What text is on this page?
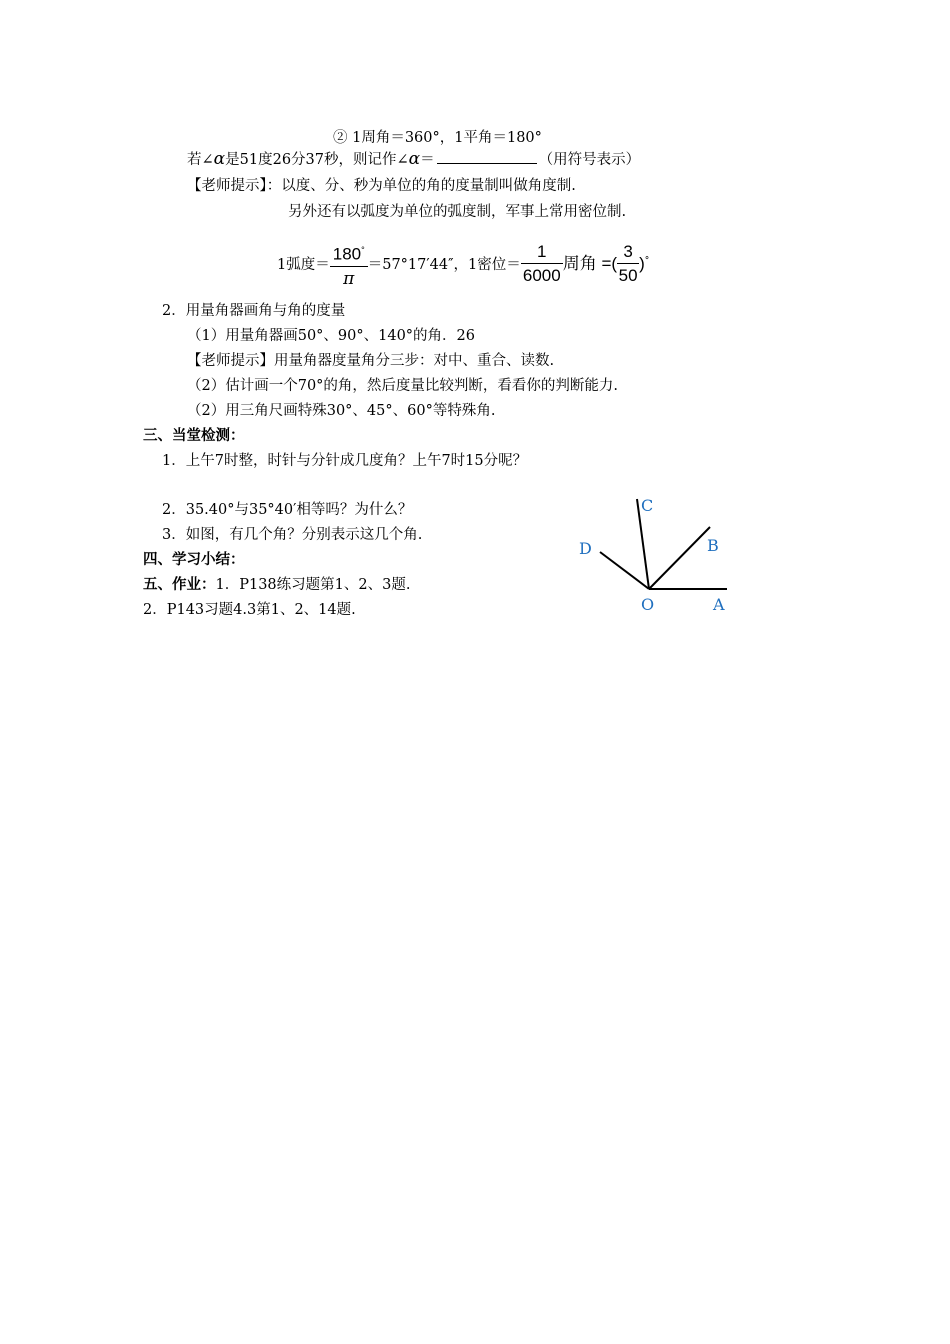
② 1周角＝360°，1平角＝180°
若∠α是51度26分37秒，则记作∠α＝	（用符号表示）
【老师提示】：以度、分、秒为单位的角的度量制叫做角度制.
另外还有以弧度为单位的弧度制，军事上常用密位制.
1弧度＝ $\frac{180^\circ}{\pi} =57^\circ 17'44''$，1密位＝ $\frac{1}{6000}$ 周角 =( $\frac{3}{50} )^\circ$
2．用量角器画角与角的度量
（1）用量角器画50°、90°、140°的角．26
【老师提示】用量角器度量角分三步：对中、重合、读数.
（2）估计画一个70°的角，然后度量比较判断，看看你的判断能力.
（2）用三角尺画特殊30°、45°、60°等特殊角.
三、当堂检测：
1．上午7时整，时针与分针成几度角？上午7时15分呢？
2．35.40°与35°40′相等吗？为什么？
3．如图，有几个角？分别表示这几个角.
四、学习小结：
五、作业：1．P138练习题第1、2、3题.
2．P143习题4.3第1、2、14题.
C
D	B
O	A
